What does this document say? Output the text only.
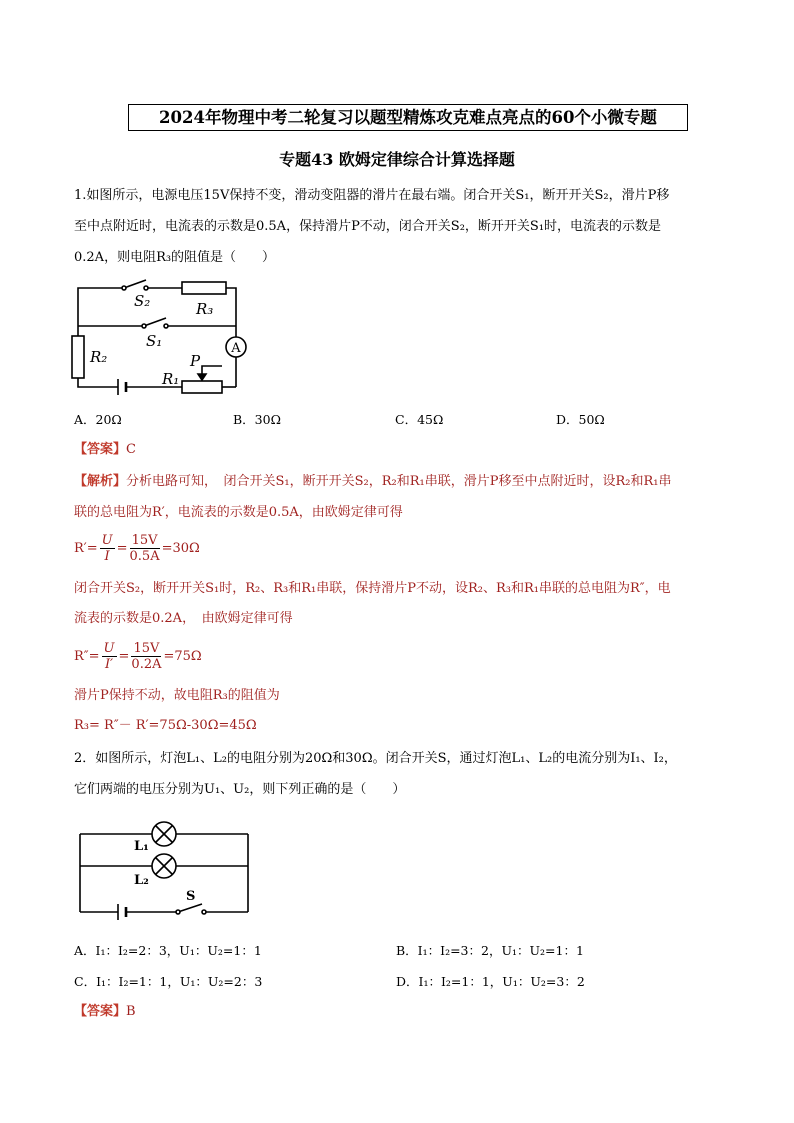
2024年物理中考二轮复习以题型精炼攻克难点亮点的60个小微专题
专题43 欧姆定律综合计算选择题
1.如图所示，电源电压15V保持不变，滑动变阻器的滑片在最右端。闭合开关S₁，断开开关S₂，滑片P移
至中点附近时，电流表的示数是0.5A，保持滑片P不动，闭合开关S₂，断开开关S₁时，电流表的示数是
0.2A，则电阻R₃的阻值是（　　）
S₂	R₃
S₁
R₂
R₁
P
A
A．20Ω	B．30Ω	C．45Ω	D．50Ω
【答案】C
【解析】分析电路可知，　闭合开关S₁，断开开关S₂，R₂和R₁串联，滑片P移至中点附近时，设R₂和R₁串
联的总电阻为R′，电流表的示数是0.5A，由欧姆定律可得
$R'= \frac{U}{I} = \frac{15V}{0.5A} =30\Omega$
闭合开关S₂，断开开关S₁时，R₂、R₃和R₁串联，保持滑片P不动，设R₂、R₃和R₁串联的总电阻为R″，电
流表的示数是0.2A，　由欧姆定律可得
$R''= \frac{U}{I'} = \frac{15V}{0.2A} =75\Omega$
滑片P保持不动，故电阻R₃的阻值为
R₃= R″－ R′=75Ω-30Ω=45Ω
2．如图所示，灯泡L₁、L₂的电阻分别为20Ω和30Ω。闭合开关S，通过灯泡L₁、L₂的电流分别为I₁、I₂，
它们两端的电压分别为U₁、U₂，则下列正确的是（　　）
L₁
L₂
S
A．I₁：I₂=2：3，U₁：U₂=1：1	B．I₁：I₂=3：2，U₁：U₂=1：1
C．I₁：I₂=1：1，U₁：U₂=2：3	D．I₁：I₂=1：1，U₁：U₂=3：2
【答案】B
